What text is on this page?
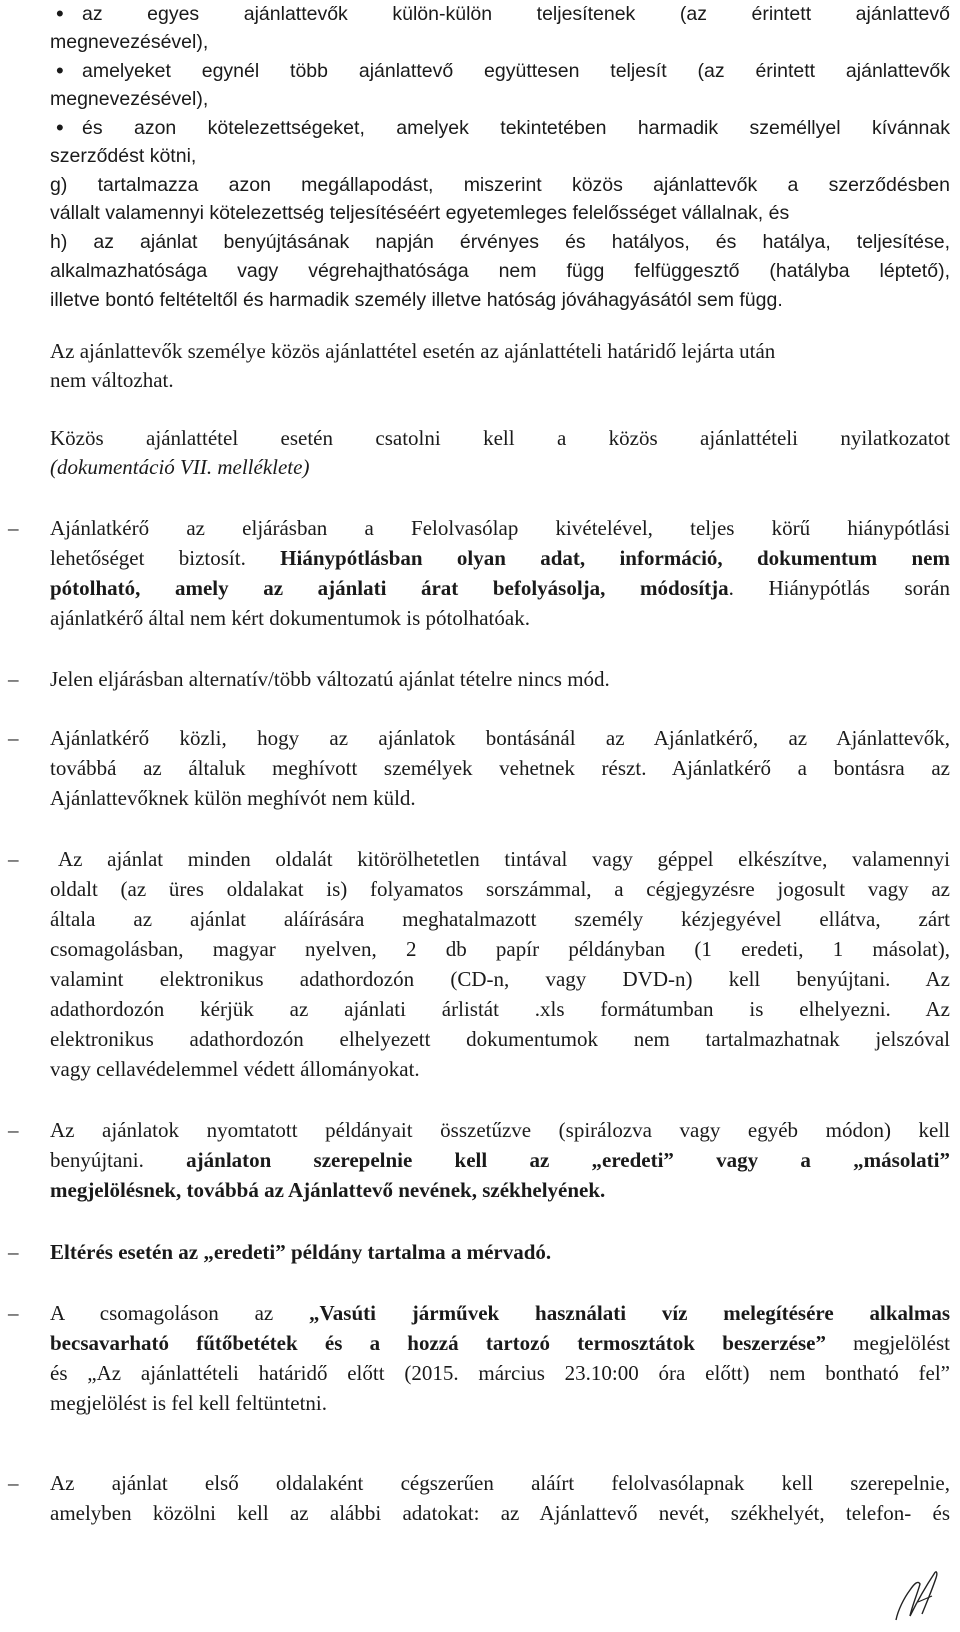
• az egyes ajánlattevők külön-külön teljesítenek (az érintett ajánlattevő
megnevezésével),
• amelyeket egynél több ajánlattevő együttesen teljesít (az érintett ajánlattevők
megnevezésével),
• és azon kötelezettségeket, amelyek tekintetében harmadik személlyel kívánnak
szerződést kötni,
g) tartalmazza azon megállapodást, miszerint közös ajánlattevők a szerződésben
vállalt valamennyi kötelezettség teljesítéséért egyetemleges felelősséget vállalnak, és
h) az ajánlat benyújtásának napján érvényes és hatályos, és hatálya, teljesítése,
alkalmazhatósága vagy végrehajthatósága nem függ felfüggesztő (hatályba léptető),
illetve bontó feltételtől és harmadik személy illetve hatóság jóváhagyásától sem függ.
Az ajánlattevők személye közös ajánlattétel esetén az ajánlattételi határidő lejárta után
nem változhat.
Közös ajánlattétel esetén csatolni kell a közös ajánlattételi nyilatkozatot
(dokumentáció VII. melléklete)
– Ajánlatkérő az eljárásban a Felolvasólap kivételével, teljes körű hiánypótlási
lehetőséget biztosít. Hiánypótlásban olyan adat, információ, dokumentum nem
pótolható, amely az ajánlati árat befolyásolja, módosítja. Hiánypótlás során
ajánlatkérő által nem kért dokumentumok is pótolhatóak.
– Jelen eljárásban alternatív/több változatú ajánlat tételre nincs mód.
– Ajánlatkérő közli, hogy az ajánlatok bontásánál az Ajánlatkérő, az Ajánlattevők,
továbbá az általuk meghívott személyek vehetnek részt. Ajánlatkérő a bontásra az
Ajánlattevőknek külön meghívót nem küld.
– Az ajánlat minden oldalát kitörölhetetlen tintával vagy géppel elkészítve, valamennyi
oldalt (az üres oldalakat is) folyamatos sorszámmal, a cégjegyzésre jogosult vagy az
általa az ajánlat aláírására meghatalmazott személy kézjegyével ellátva, zárt
csomagolásban, magyar nyelven, 2 db papír példányban (1 eredeti, 1 másolat),
valamint elektronikus adathordozón (CD-n, vagy DVD-n) kell benyújtani. Az
adathordozón kérjük az ajánlati árlistát .xls formátumban is elhelyezni. Az
elektronikus adathordozón elhelyezett dokumentumok nem tartalmazhatnak jelszóval
vagy cellavédelemmel védett állományokat.
– Az ajánlatok nyomtatott példányait összetűzve (spirálozva vagy egyéb módon) kell
benyújtani. ajánlaton szerepelnie kell az „eredeti” vagy a „másolati”
megjelölésnek, továbbá az Ajánlattevő nevének, székhelyének.
– Eltérés esetén az „eredeti” példány tartalma a mérvadó.
– A csomagoláson az „Vasúti járművek használati víz melegítésére alkalmas
becsavarható fűtőbetétek és a hozzá tartozó termosztátok beszerzése” megjelölést
és „Az ajánlattételi határidő előtt (2015. március 23.10:00 óra előtt) nem bontható fel”
megjelölést is fel kell feltüntetni.
– Az ajánlat első oldalaként cégszerűen aláírt felolvasólapnak kell szerepelnie,
amelyben közölni kell az alábbi adatokat: az Ajánlattevő nevét, székhelyét, telefon- és
